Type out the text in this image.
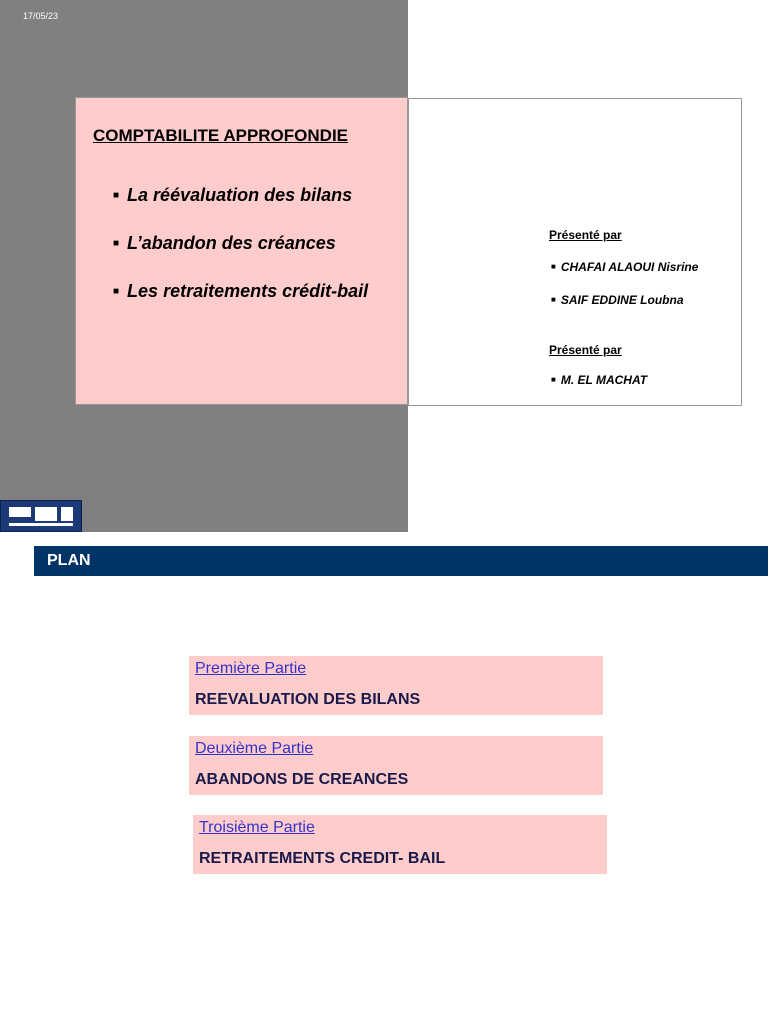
17/05/23
COMPTABILITE APPROFONDIE
■ La réévaluation des bilans
■ L’abandon des créances
■ Les retraitements crédit-bail
Présenté par
■ CHAFAI ALAOUI Nisrine
■ SAIF EDDINE Loubna
Présenté par
■ M. EL MACHAT
PLAN
Première Partie
REEVALUATION DES BILANS
Deuxième Partie
ABANDONS DE CREANCES
Troisième Partie
RETRAITEMENTS CREDIT- BAIL
